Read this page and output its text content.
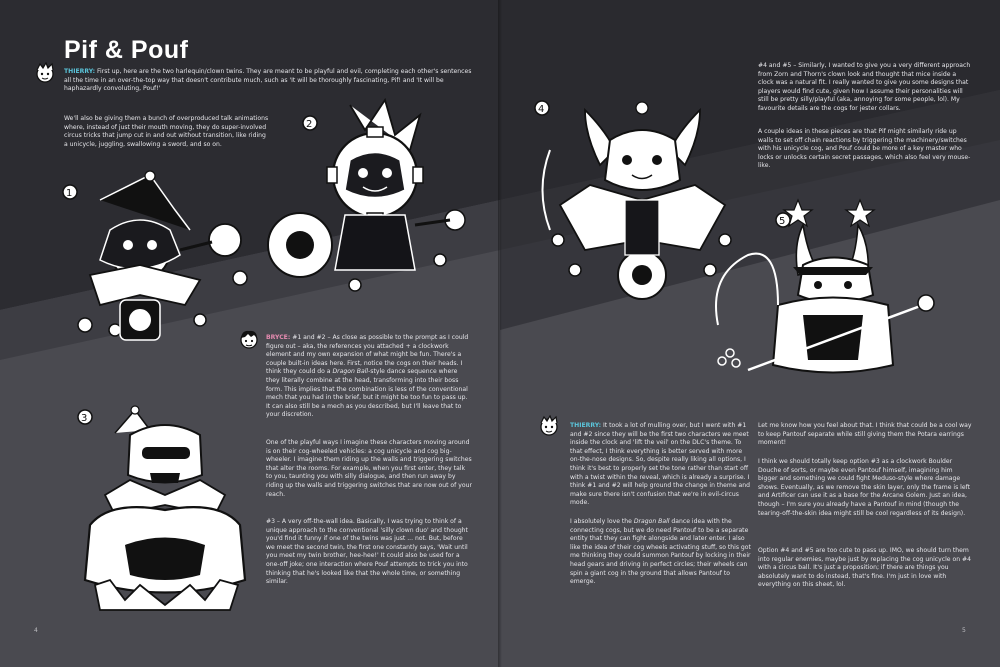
Pif & Pouf

THIERRY: First up, here are the two harlequin/clown twins. They are meant to be playful and evil, completing each other's sentences all the time in an over-the-top way that doesn't contribute much, such as 'It will be thoroughly fascinating, Pif! and 'It will be haphazardly convoluting, Pouf!'

We'll also be giving them a bunch of overproduced talk animations where, instead of just their mouth moving, they do super-involved circus tricks that jump cut in and out without transition, like riding a unicycle, juggling, swallowing a sword, and so on.

1
2

BRYCE: #1 and #2 – As close as possible to the prompt as I could figure out – aka, the references you attached + a clockwork element and my own expansion of what might be fun. There's a couple built-in ideas here. First, notice the cogs on their heads. I think they could do a Dragon Ball-style dance sequence where they literally combine at the head, transforming into their boss form. This implies that the combination is less of the conventional mech that you had in the brief, but it might be too fun to pass up. It can also still be a mech as you described, but I'll leave that to your discretion.

One of the playful ways I imagine these characters moving around is on their cog-wheeled vehicles: a cog unicycle and cog big-wheeler. I imagine them riding up the walls and triggering switches that alter the rooms. For example, when you first enter, they talk to you, taunting you with silly dialogue, and then run away by riding up the walls and triggering switches that are now out of your reach.

#3 – A very off-the-wall idea. Basically, I was trying to think of a unique approach to the conventional 'silly clown duo' and thought you'd find it funny if one of the twins was just ... not. But, before we meet the second twin, the first one constantly says, 'Wait until you meet my twin brother, hee-hee!' It could also be used for a one-off joke; one interaction where Pouf attempts to trick you into thinking that he's looked like that the whole time, or something similar.

3
4

#4 and #5 – Similarly, I wanted to give you a very different approach from Zorn and Thorn's clown look and thought that mice inside a clock was a natural fit. I really wanted to give you some designs that players would find cute, given how I assume their personalities will still be pretty silly/playful (aka, annoying for some people, lol). My favourite details are the cogs for jester collars.

A couple ideas in these pieces are that Pif might similarly ride up walls to set off chain reactions by triggering the machinery/switches with his unicycle cog, and Pouf could be more of a key master who locks or unlocks certain secret passages, which also feel very mouse-like.

4
5

THIERRY: It took a lot of mulling over, but I went with #1 and #2 since they will be the first two characters we meet inside the clock and 'lift the veil' on the DLC's theme. To that effect, I think everything is better served with more on-the-nose designs. So, despite really liking all options, I think it's best to properly set the tone rather than start off with a twist within the reveal, which is already a surprise. I think #1 and #2 will help ground the change in theme and make sure there isn't confusion that we're in evil-circus mode.

I absolutely love the Dragon Ball dance idea with the connecting cogs, but we do need Pantouf to be a separate entity that they can fight alongside and later enter. I also like the idea of their cog wheels activating stuff, so this got me thinking they could summon Pantouf by locking in their head gears and driving in perfect circles; their wheels can spin a giant cog in the ground that allows Pantouf to emerge.

Let me know how you feel about that. I think that could be a cool way to keep Pantouf separate while still giving them the Potara earrings moment!

I think we should totally keep option #3 as a clockwork Boulder Douche of sorts, or maybe even Pantouf himself, imagining him bigger and something we could fight Meduso-style where damage shows. Eventually, as we remove the skin layer, only the frame is left and Artificer can use it as a base for the Arcane Golem. Just an idea, though – I'm sure you already have a Pantouf in mind (though the tearing-off-the-skin idea might still be cool regardless of its design).

Option #4 and #5 are too cute to pass up. IMO, we should turn them into regular enemies, maybe just by replacing the cog unicycle on #4 with a circus ball. It's just a proposition; if there are things you absolutely want to do instead, that's fine. I'm just in love with everything on this sheet, lol.

5
